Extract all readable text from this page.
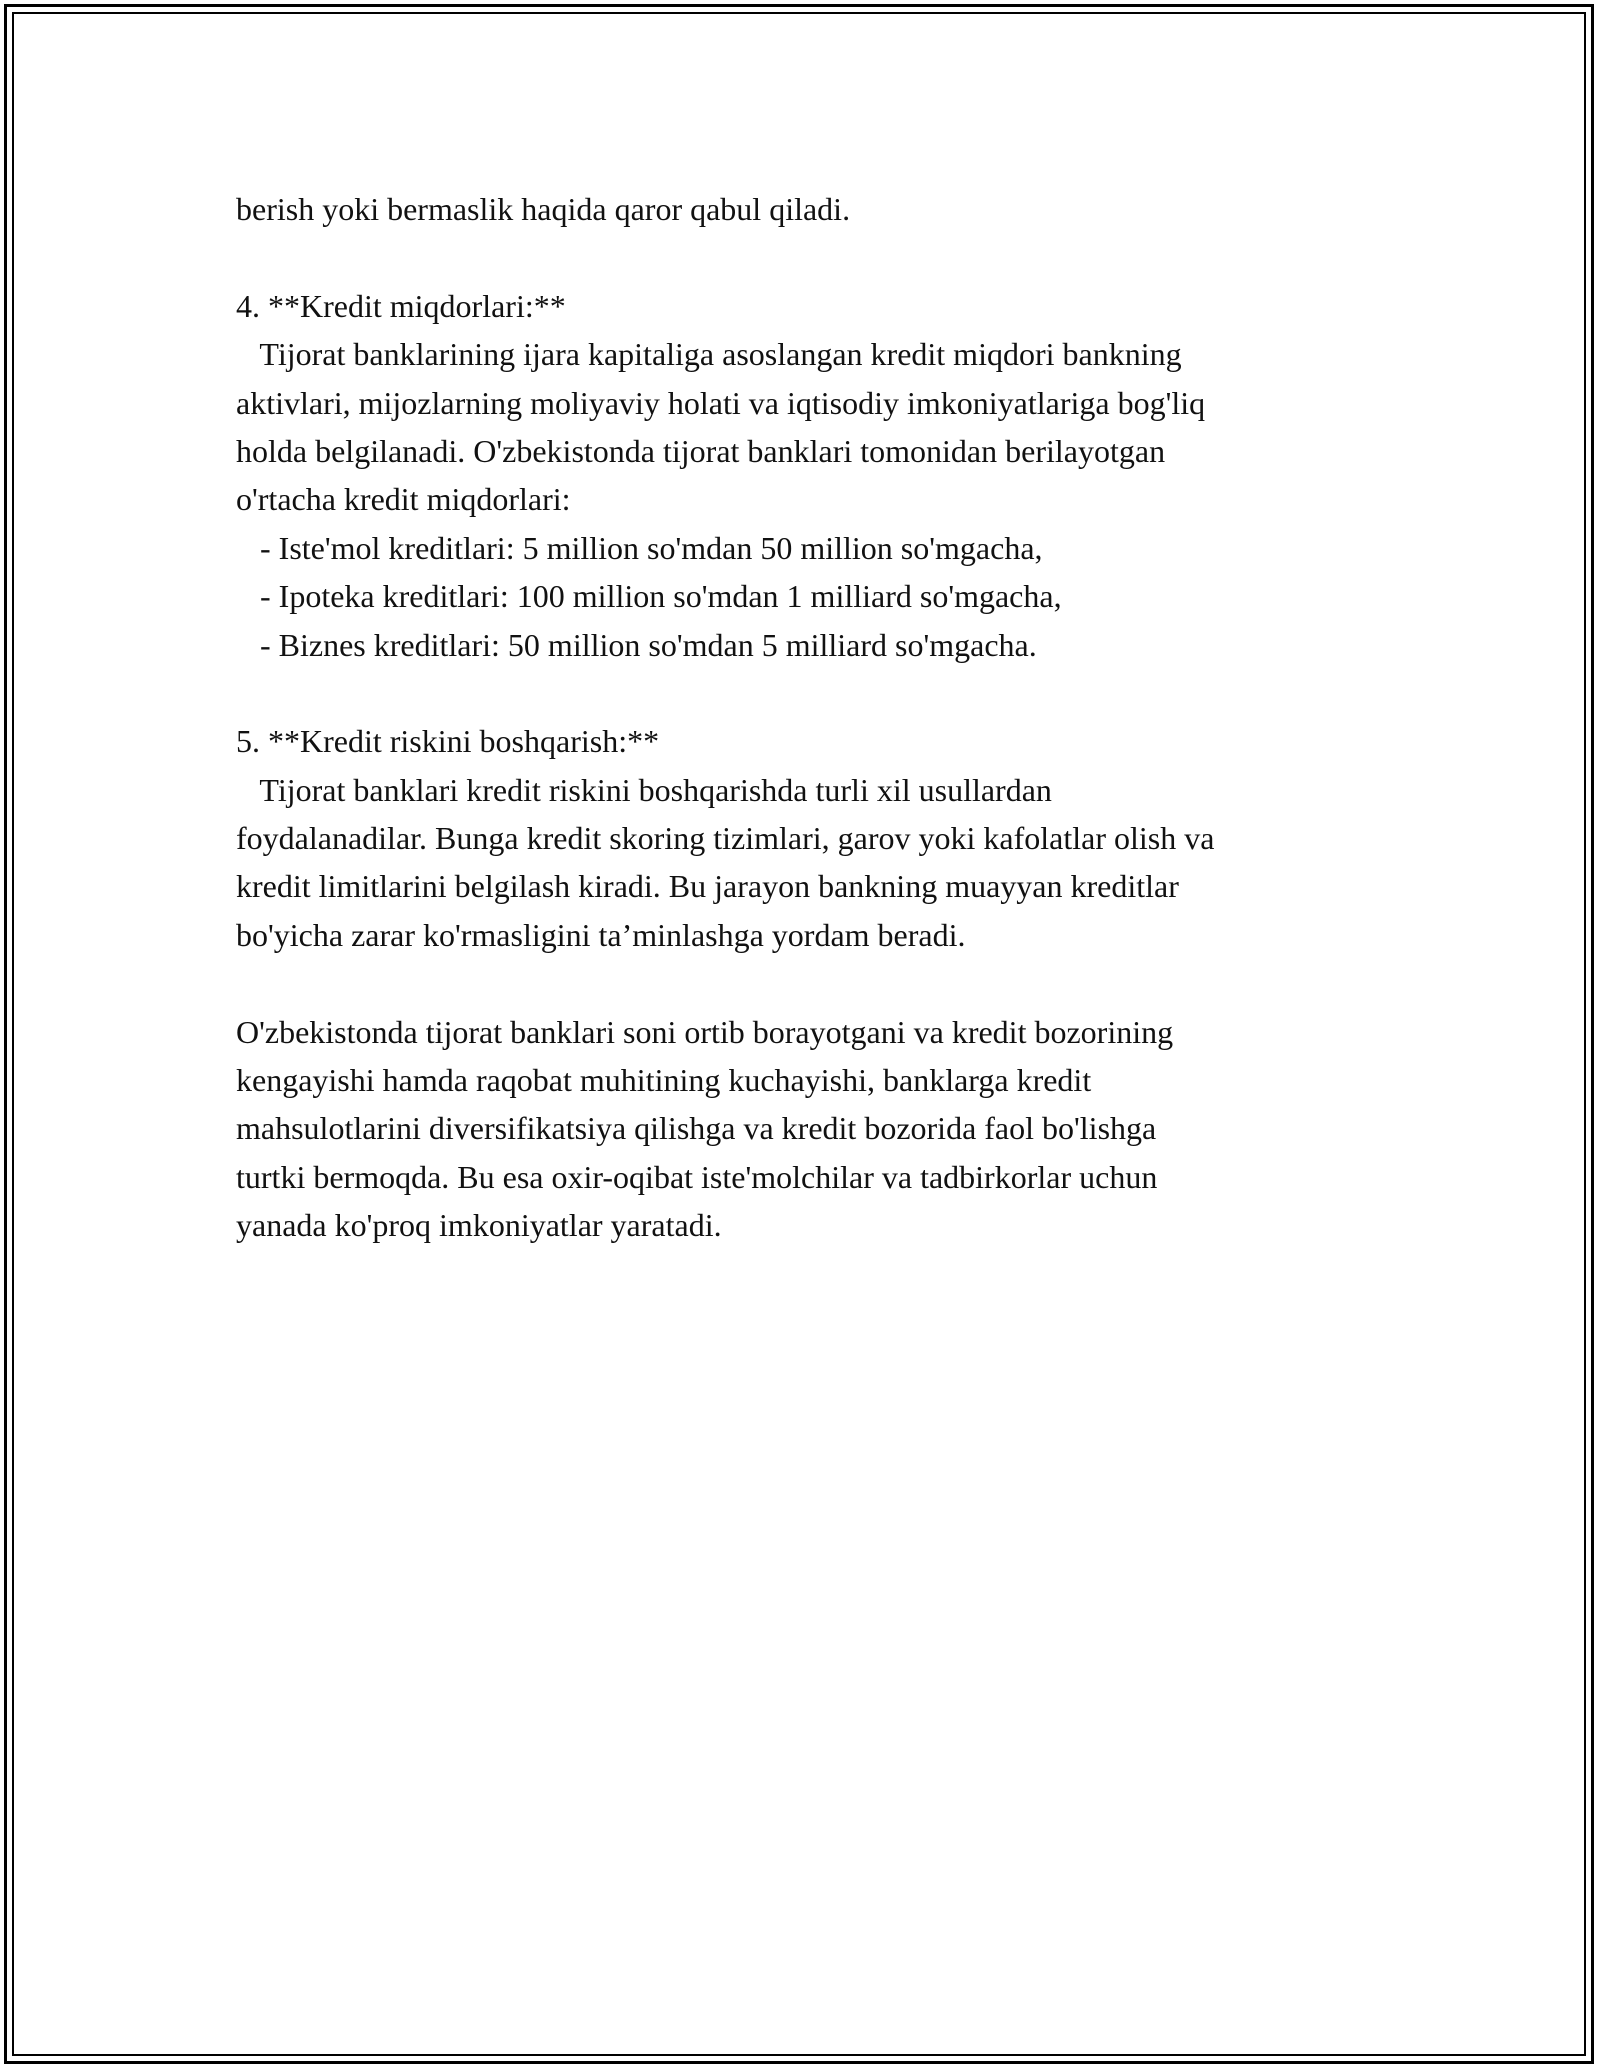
berish yoki bermaslik haqida qaror qabul qiladi.
4. **Kredit miqdorlari:**
Tijorat banklarining ijara kapitaliga asoslangan kredit miqdori bankning
aktivlari, mijozlarning moliyaviy holati va iqtisodiy imkoniyatlariga bog'liq
holda belgilanadi. O'zbekistonda tijorat banklari tomonidan berilayotgan
o'rtacha kredit miqdorlari:
- Iste'mol kreditlari: 5 million so'mdan 50 million so'mgacha,
- Ipoteka kreditlari: 100 million so'mdan 1 milliard so'mgacha,
- Biznes kreditlari: 50 million so'mdan 5 milliard so'mgacha.
5. **Kredit riskini boshqarish:**
Tijorat banklari kredit riskini boshqarishda turli xil usullardan
foydalanadilar. Bunga kredit skoring tizimlari, garov yoki kafolatlar olish va
kredit limitlarini belgilash kiradi. Bu jarayon bankning muayyan kreditlar
bo'yicha zarar ko'rmasligini ta’minlashga yordam beradi.
O'zbekistonda tijorat banklari soni ortib borayotgani va kredit bozorining
kengayishi hamda raqobat muhitining kuchayishi, banklarga kredit
mahsulotlarini diversifikatsiya qilishga va kredit bozorida faol bo'lishga
turtki bermoqda. Bu esa oxir-oqibat iste'molchilar va tadbirkorlar uchun
yanada ko'proq imkoniyatlar yaratadi.
